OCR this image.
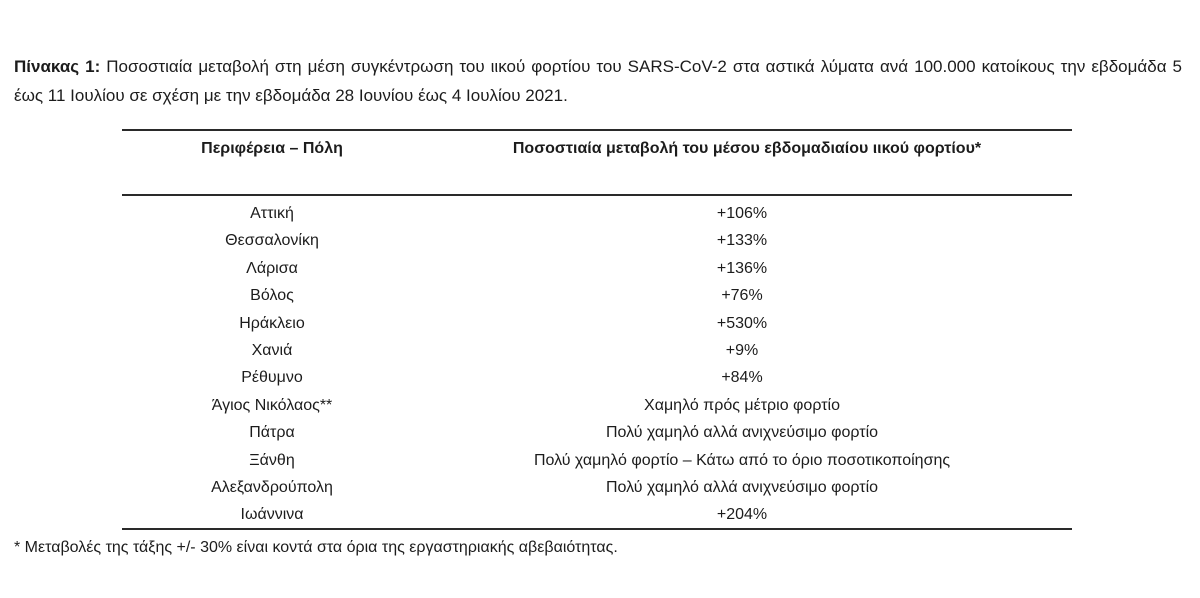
Πίνακας 1: Ποσοστιαία μεταβολή στη μέση συγκέντρωση του ιικού φορτίου του SARS-CoV-2 στα αστικά λύματα ανά 100.000 κατοίκους την εβδομάδα 5 έως 11 Ιουλίου σε σχέση με την εβδομάδα 28 Ιουνίου έως 4 Ιουλίου 2021.
Περιφέρεια – Πόλη	Ποσοστιαία μεταβολή του μέσου εβδομαδιαίου ιικού φορτίου*
Αττική	+106%
Θεσσαλονίκη	+133%
Λάρισα	+136%
Βόλος	+76%
Ηράκλειο	+530%
Χανιά	+9%
Ρέθυμνο	+84%
Άγιος Νικόλαος**	Χαμηλό πρός μέτριο φορτίο
Πάτρα	Πολύ χαμηλό αλλά ανιχνεύσιμο φορτίο
Ξάνθη	Πολύ χαμηλό φορτίο – Κάτω από το όριο ποσοτικοποίησης
Αλεξανδρούπολη	Πολύ χαμηλό αλλά ανιχνεύσιμο φορτίο
Ιωάννινα	+204%
* Μεταβολές της τάξης +/- 30% είναι κοντά στα όρια της εργαστηριακής αβεβαιότητας.
